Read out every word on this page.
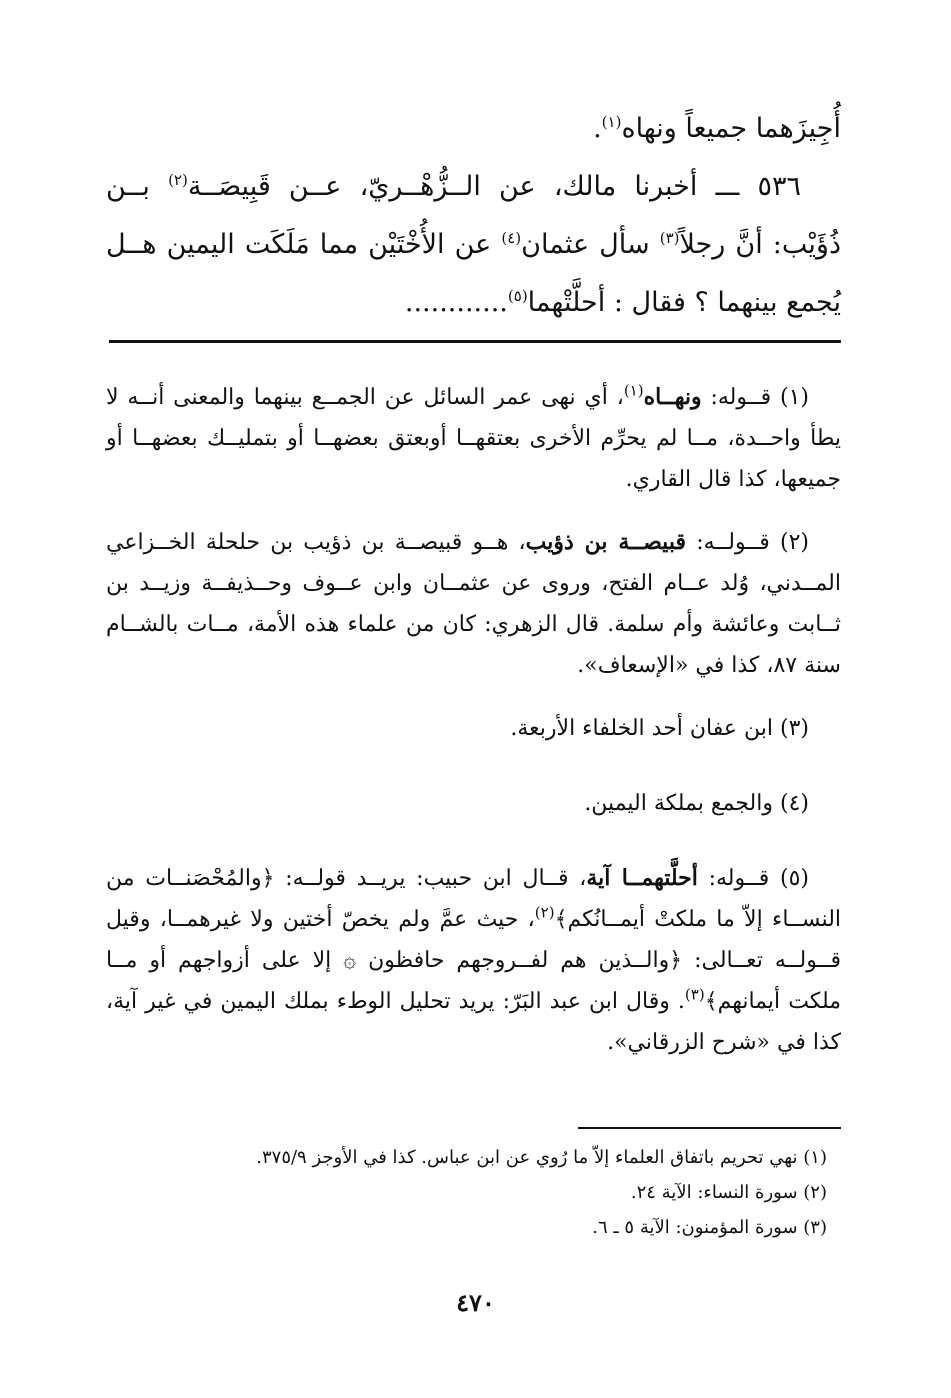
أُجِيزَهما جميعاً ونهاه$^{(١)}$.

٥٣٦ ـــ أخبرنا مالك، عن الــزُّهْــريّ، عــن قَبِيصَــة$^{(٢)}$ بــن ذُؤَيْب: أنَّ رجلاً$^{(٣)}$ سأل عثمان$^{(٤)}$ عن الأُخْتَيْن مما مَلَكَت اليمين هــل يُجمع بينهما ؟ فقال : أحلَّتْهما$^{(٥)}$............

(١) قــوله: ونهــاه$^{(١)}$، أي نهى عمر السائل عن الجمــع بينهما والمعنى أنــه لا يطأ واحــدة، مــا لم يحرِّم الأخرى بعتقهــا أوبعتق بعضهــا أو بتمليــك بعضهــا أو جميعها، كذا قال القاري.

(٢) قــولــه: قبيصــة بن ذؤيب، هــو قبيصــة بن ذؤيب بن حلحلة الخــزاعي المــدني، وُلد عــام الفتح، وروى عن عثمــان وابن عــوف وحــذيفــة وزيــد بن ثــابت وعائشة وأم سلمة. قال الزهري: كان من علماء هذه الأمة، مــات بالشــام سنة ٨٧، كذا في «الإسعاف».

(٣) ابن عفان أحد الخلفاء الأربعة.

(٤) والجمع بملكة اليمين.

(٥) قــوله: أحلَّتهمــا آية، قــال ابن حبيب: يريــد قولــه: ﴿والمُحْصَنــات من النســاء إلاّ ما ملكتْ أيمــانُكم﴾$^{(٢)}$، حيث عمَّ ولم يخصّ أختين ولا غيرهمــا، وقيل قــولــه تعــالى: ﴿والــذين هم لفــروجهم حافظون ۞ إلا على أزواجهم أو مــا ملكت أيمانهم﴾$^{(٣)}$. وقال ابن عبد البَرّ: يريد تحليل الوطء بملك اليمين في غير آية، كذا في «شرح الزرقاني».

(١) نهي تحريم باتفاق العلماء إلاّ ما رُوي عن ابن عباس. كذا في الأوجز ٣٧٥/٩.

(٢) سورة النساء: الآية ٢٤.

(٣) سورة المؤمنون: الآية ٥ ـ ٦.

٤٧٠
